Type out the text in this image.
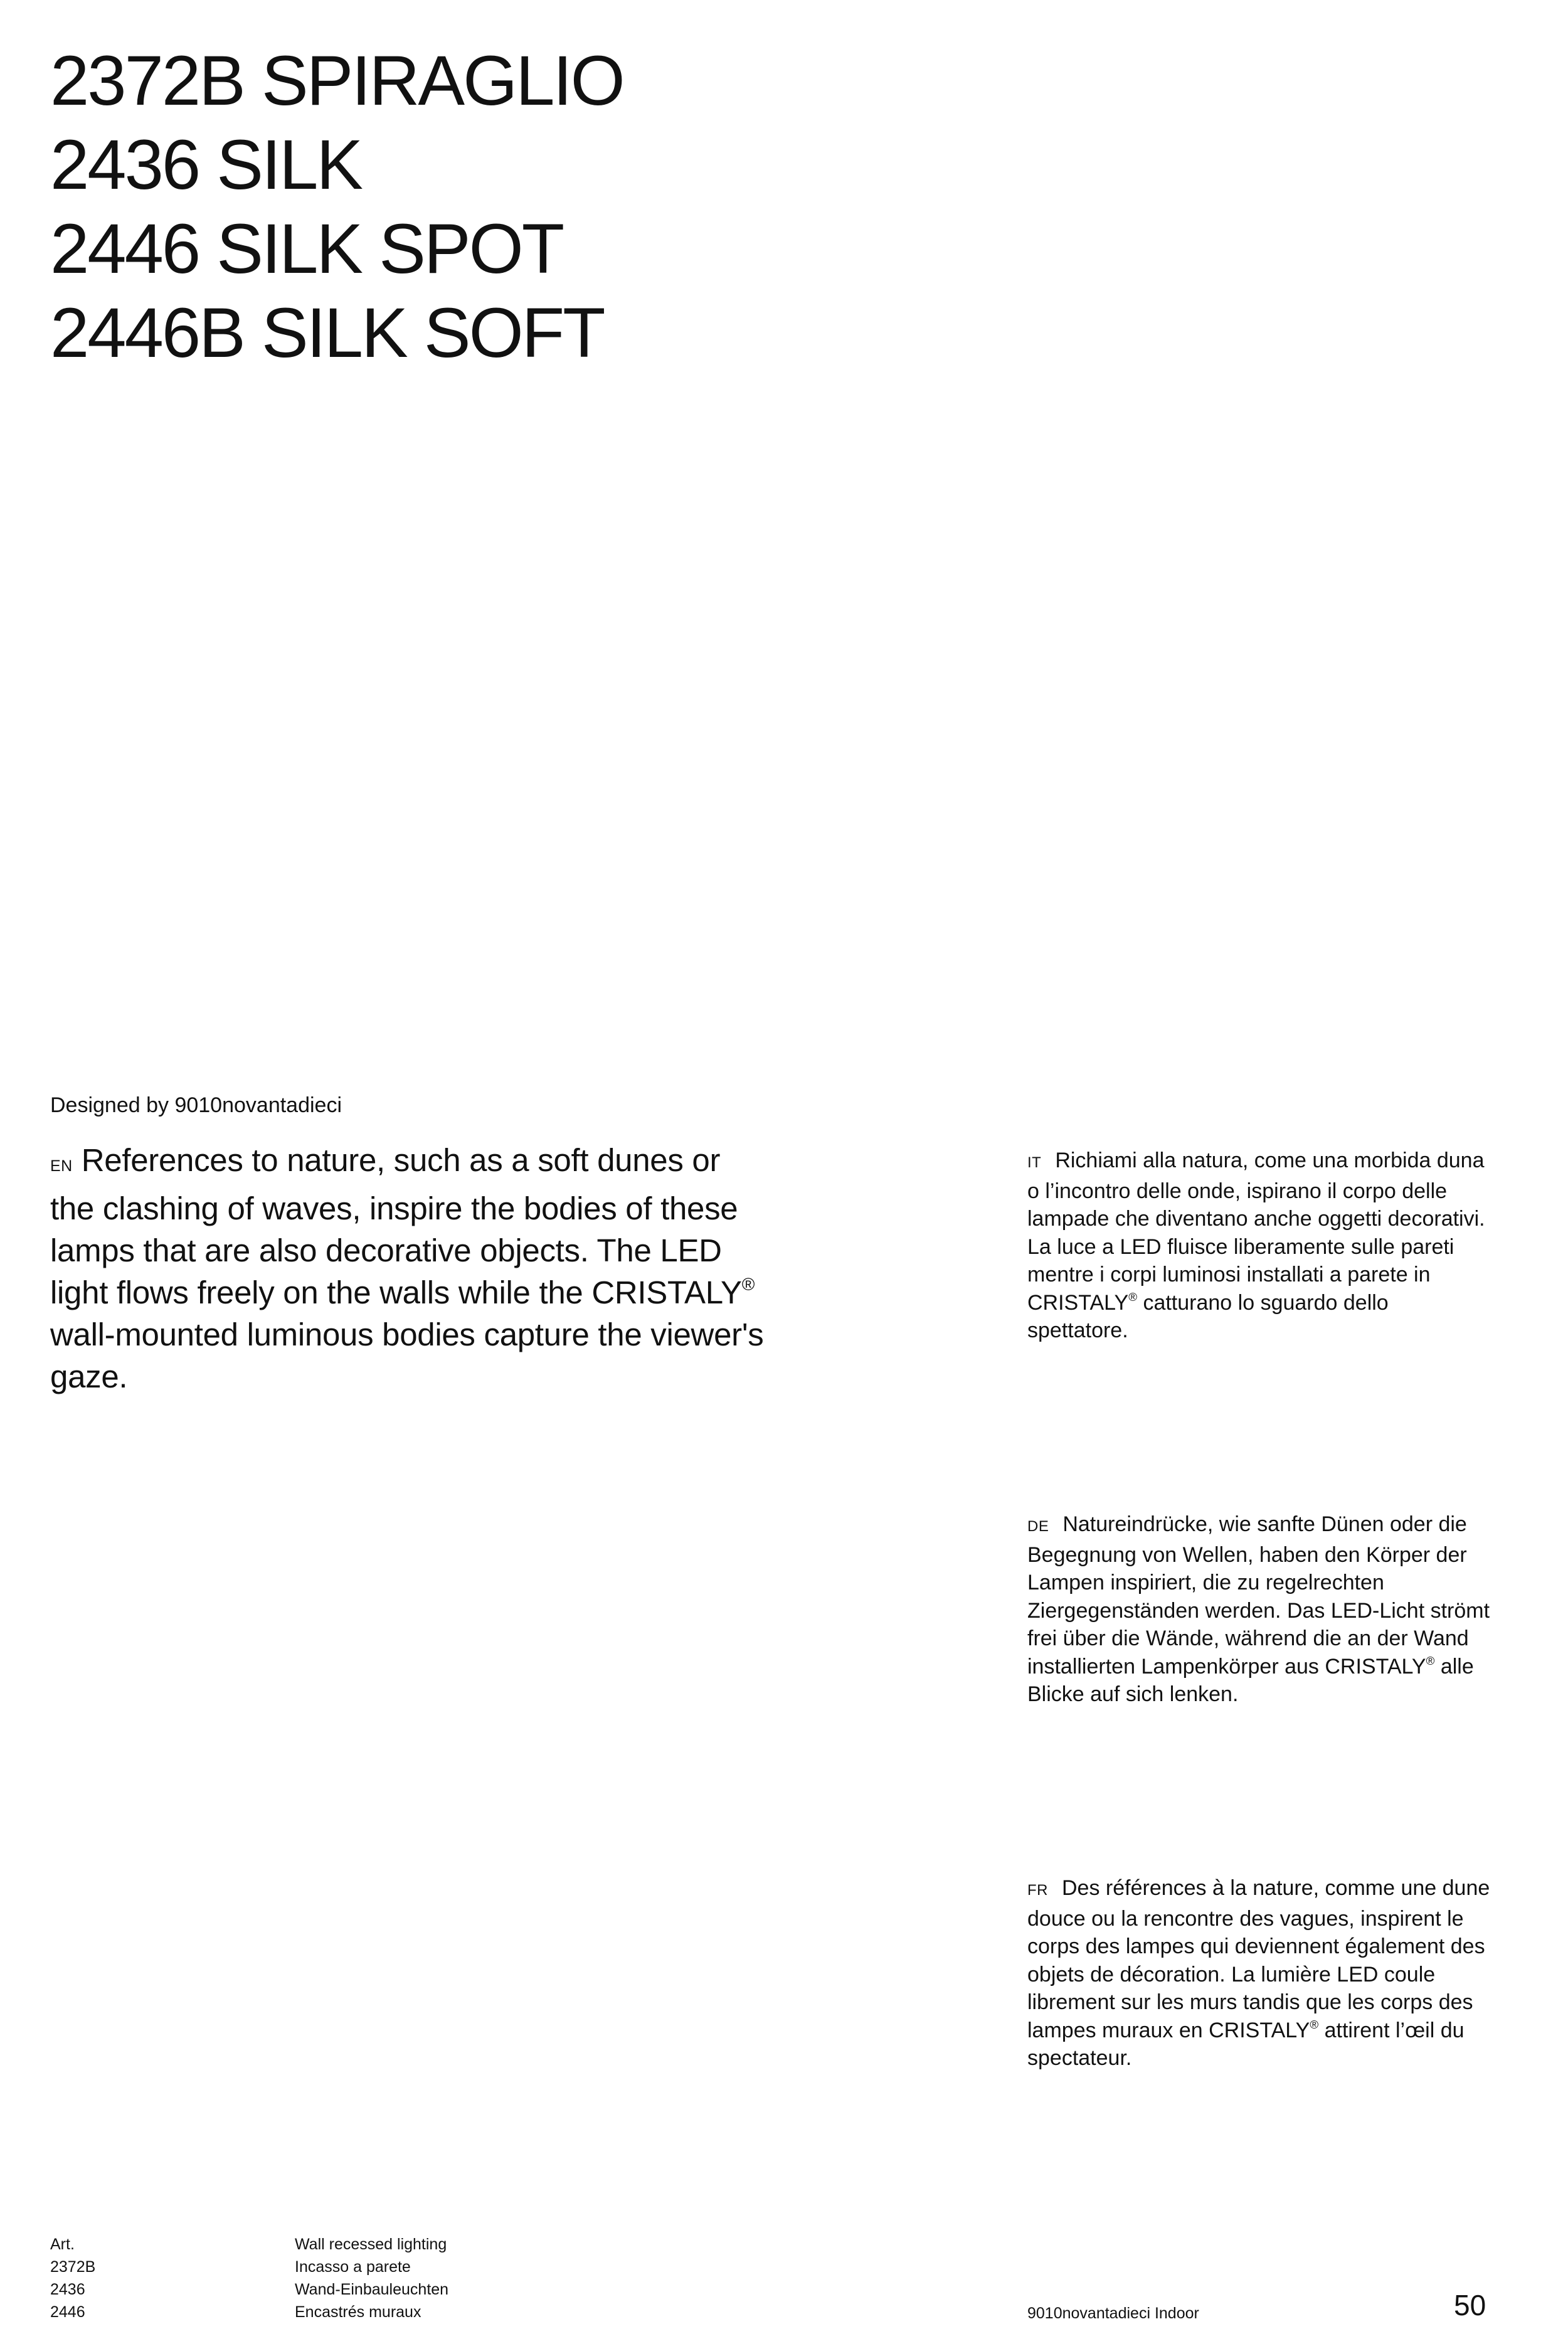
2372B SPIRAGLIO
2436 SILK
2446 SILK SPOT
2446B SILK SOFT
Designed by 9010novantadieci

EN References to nature, such as a soft dunes or the clashing of waves, inspire the bodies of these lamps that are also decorative objects. The LED light flows freely on the walls while the CRISTALY® wall-mounted luminous bodies capture the viewer's gaze.

IT Richiami alla natura, come una morbida duna o l’incontro delle onde, ispirano il corpo delle lampade che diventano anche oggetti decorativi. La luce a LED fluisce liberamente sulle pareti mentre i corpi luminosi installati a parete in CRISTALY® catturano lo sguardo dello spettatore.

DE Natureindrücke, wie sanfte Dünen oder die Begegnung von Wellen, haben den Körper der Lampen inspiriert, die zu regelrechten Ziergegenständen werden. Das LED-Licht strömt frei über die Wände, während die an der Wand installierten Lampenkörper aus CRISTALY® alle Blicke auf sich lenken.

FR Des références à la nature, comme une dune douce ou la rencontre des vagues, inspirent le corps des lampes qui deviennent également des objets de décoration. La lumière LED coule librement sur les murs tandis que les corps des lampes muraux en CRISTALY® attirent l’œil du spectateur.

Art.
2372B
2436
2446
Wall recessed lighting
Incasso a parete
Wand-Einbauleuchten
Encastrés muraux	9010novantadieci Indoor	50
